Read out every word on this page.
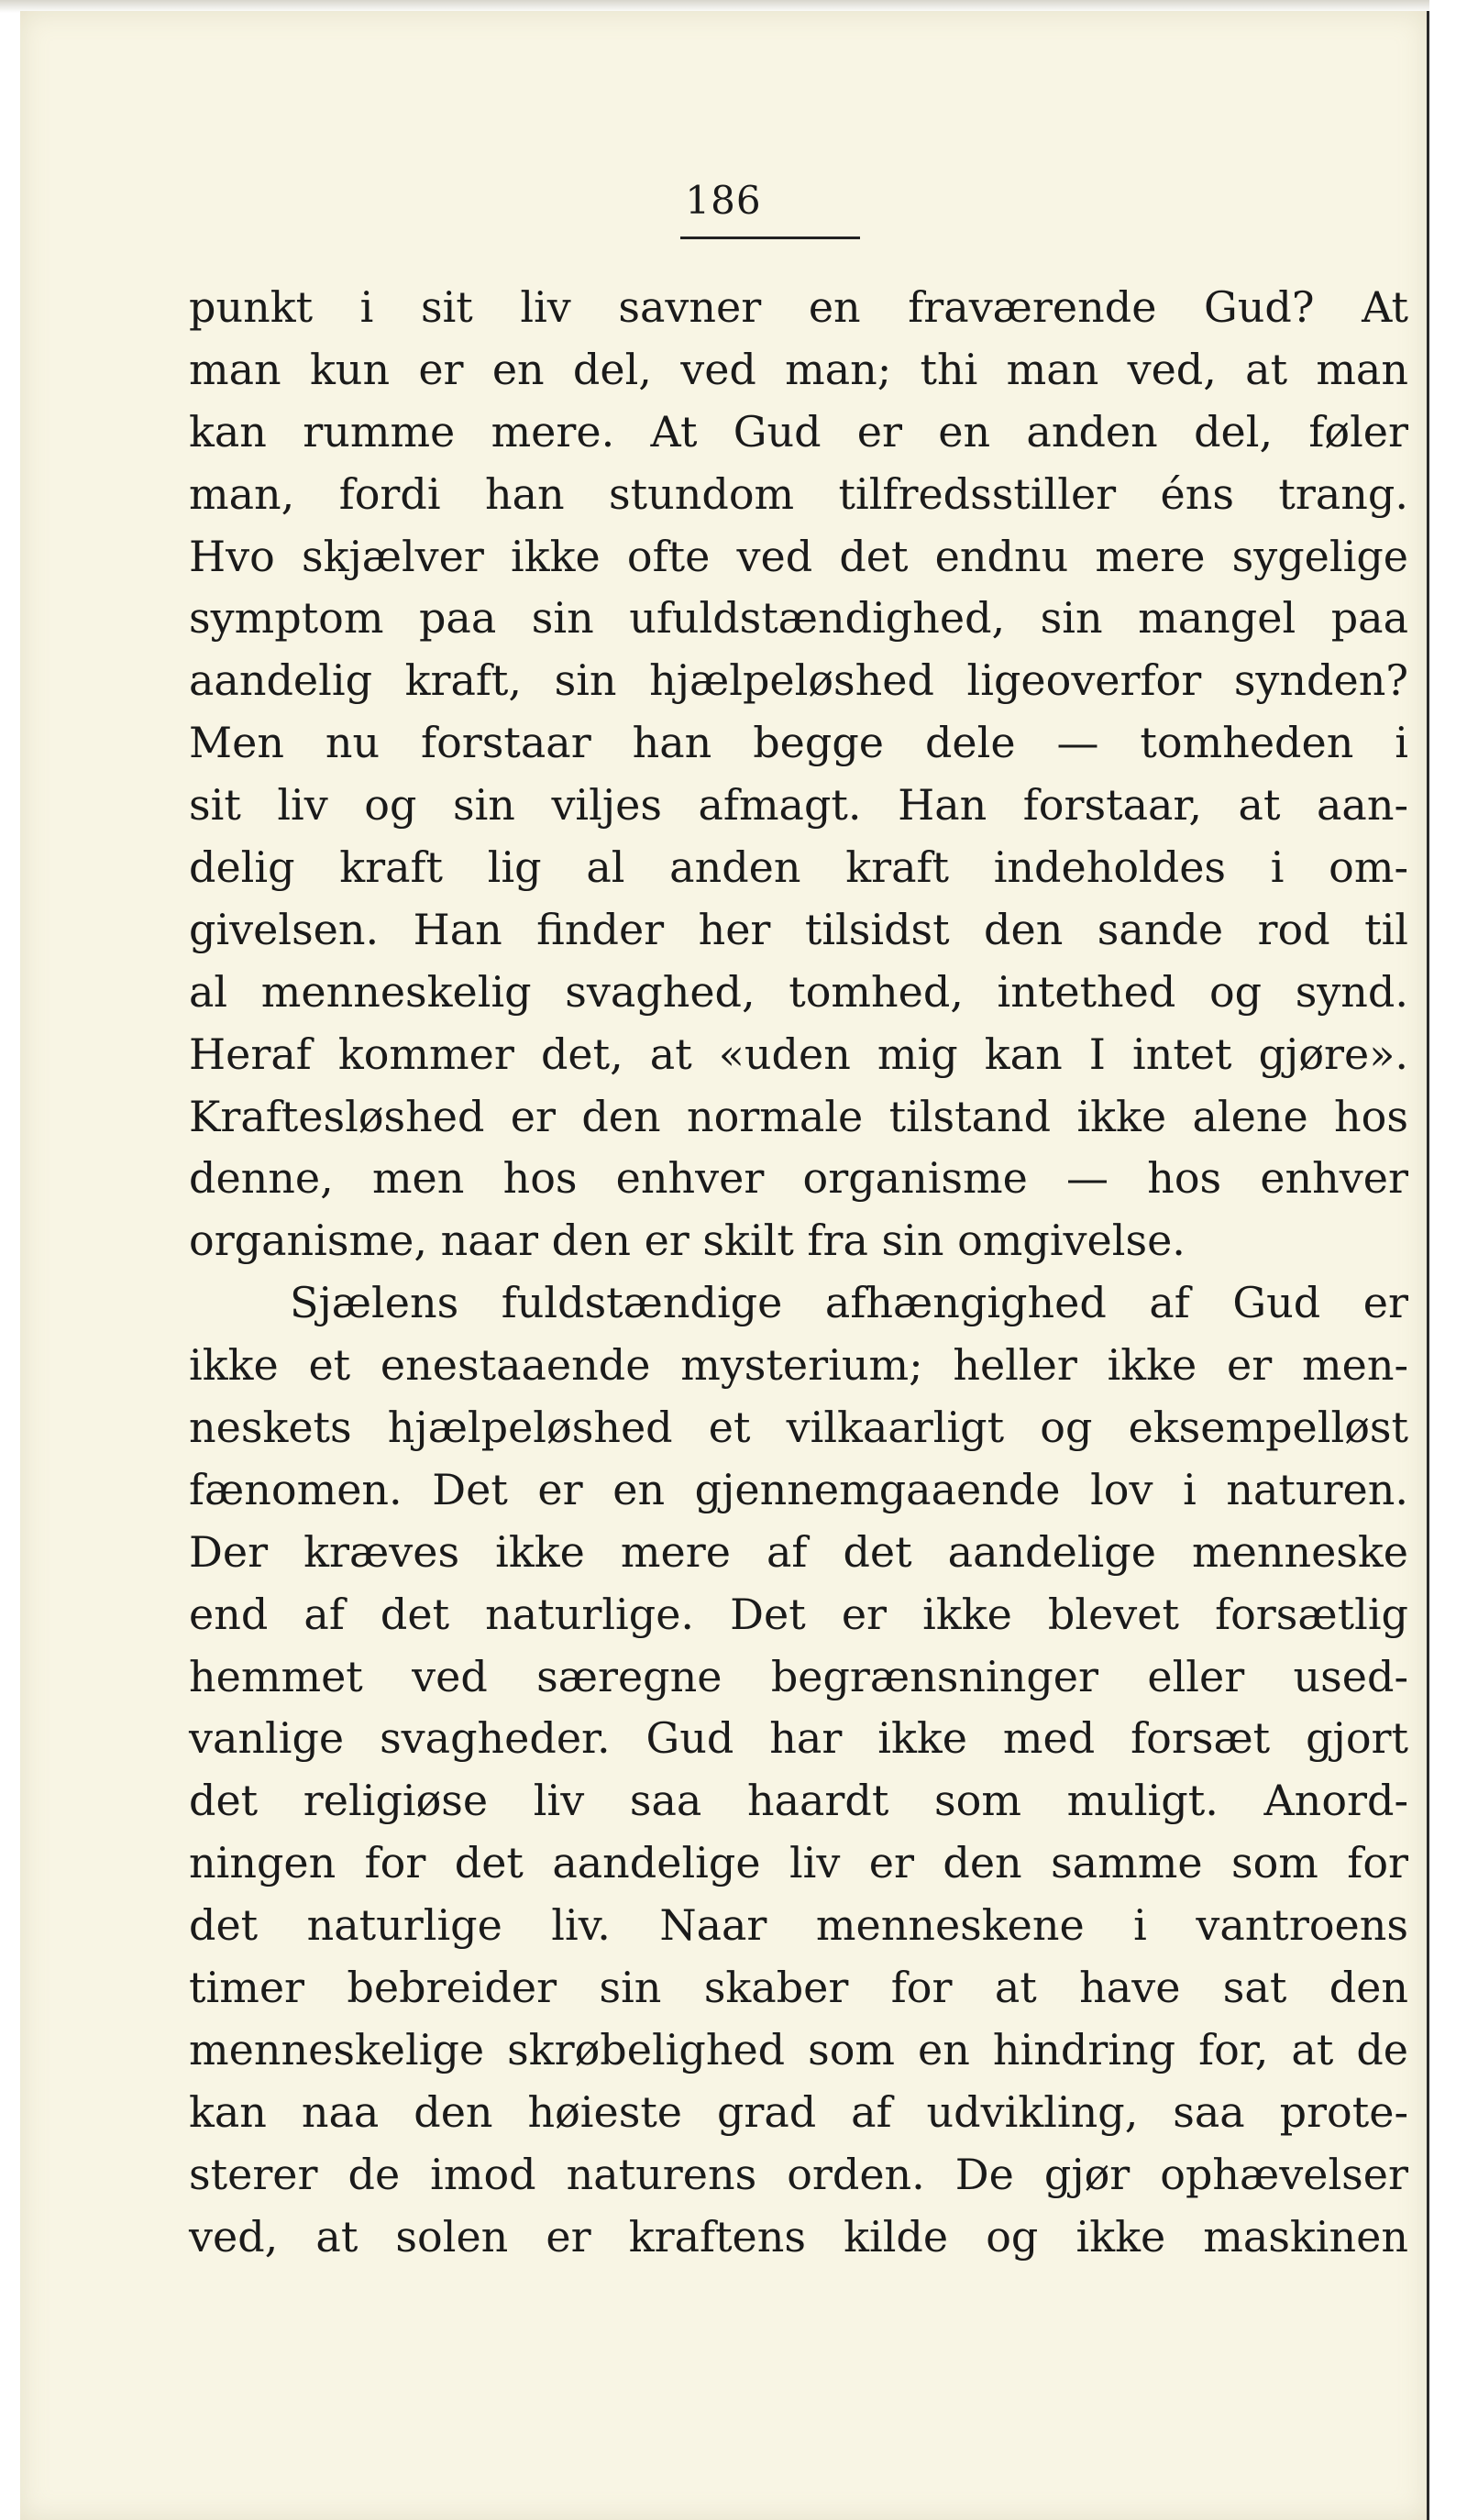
186
punkt i sit liv savner en fraværende Gud? At
man kun er en del, ved man; thi man ved, at man
kan rumme mere. At Gud er en anden del, føler
man, fordi han stundom tilfredsstiller éns trang.
Hvo skjælver ikke ofte ved det endnu mere sygelige
symptom paa sin ufuldstændighed, sin mangel paa
aandelig kraft, sin hjælpeløshed ligeoverfor synden?
Men nu forstaar han begge dele — tomheden i
sit liv og sin viljes afmagt. Han forstaar, at aan-
delig kraft lig al anden kraft indeholdes i om-
givelsen. Han finder her tilsidst den sande rod til
al menneskelig svaghed, tomhed, intethed og synd.
Heraf kommer det, at «uden mig kan I intet gjøre».
Kraftesløshed er den normale tilstand ikke alene hos
denne, men hos enhver organisme — hos enhver
organisme, naar den er skilt fra sin omgivelse.
Sjælens fuldstændige afhængighed af Gud er
ikke et enestaaende mysterium; heller ikke er men-
neskets hjælpeløshed et vilkaarligt og eksempelløst
fænomen. Det er en gjennemgaaende lov i naturen.
Der kræves ikke mere af det aandelige menneske
end af det naturlige. Det er ikke blevet forsætlig
hemmet ved særegne begrænsninger eller used-
vanlige svagheder. Gud har ikke med forsæt gjort
det religiøse liv saa haardt som muligt. Anord-
ningen for det aandelige liv er den samme som for
det naturlige liv. Naar menneskene i vantroens
timer bebreider sin skaber for at have sat den
menneskelige skrøbelighed som en hindring for, at de
kan naa den høieste grad af udvikling, saa prote-
sterer de imod naturens orden. De gjør ophævelser
ved, at solen er kraftens kilde og ikke maskinen
